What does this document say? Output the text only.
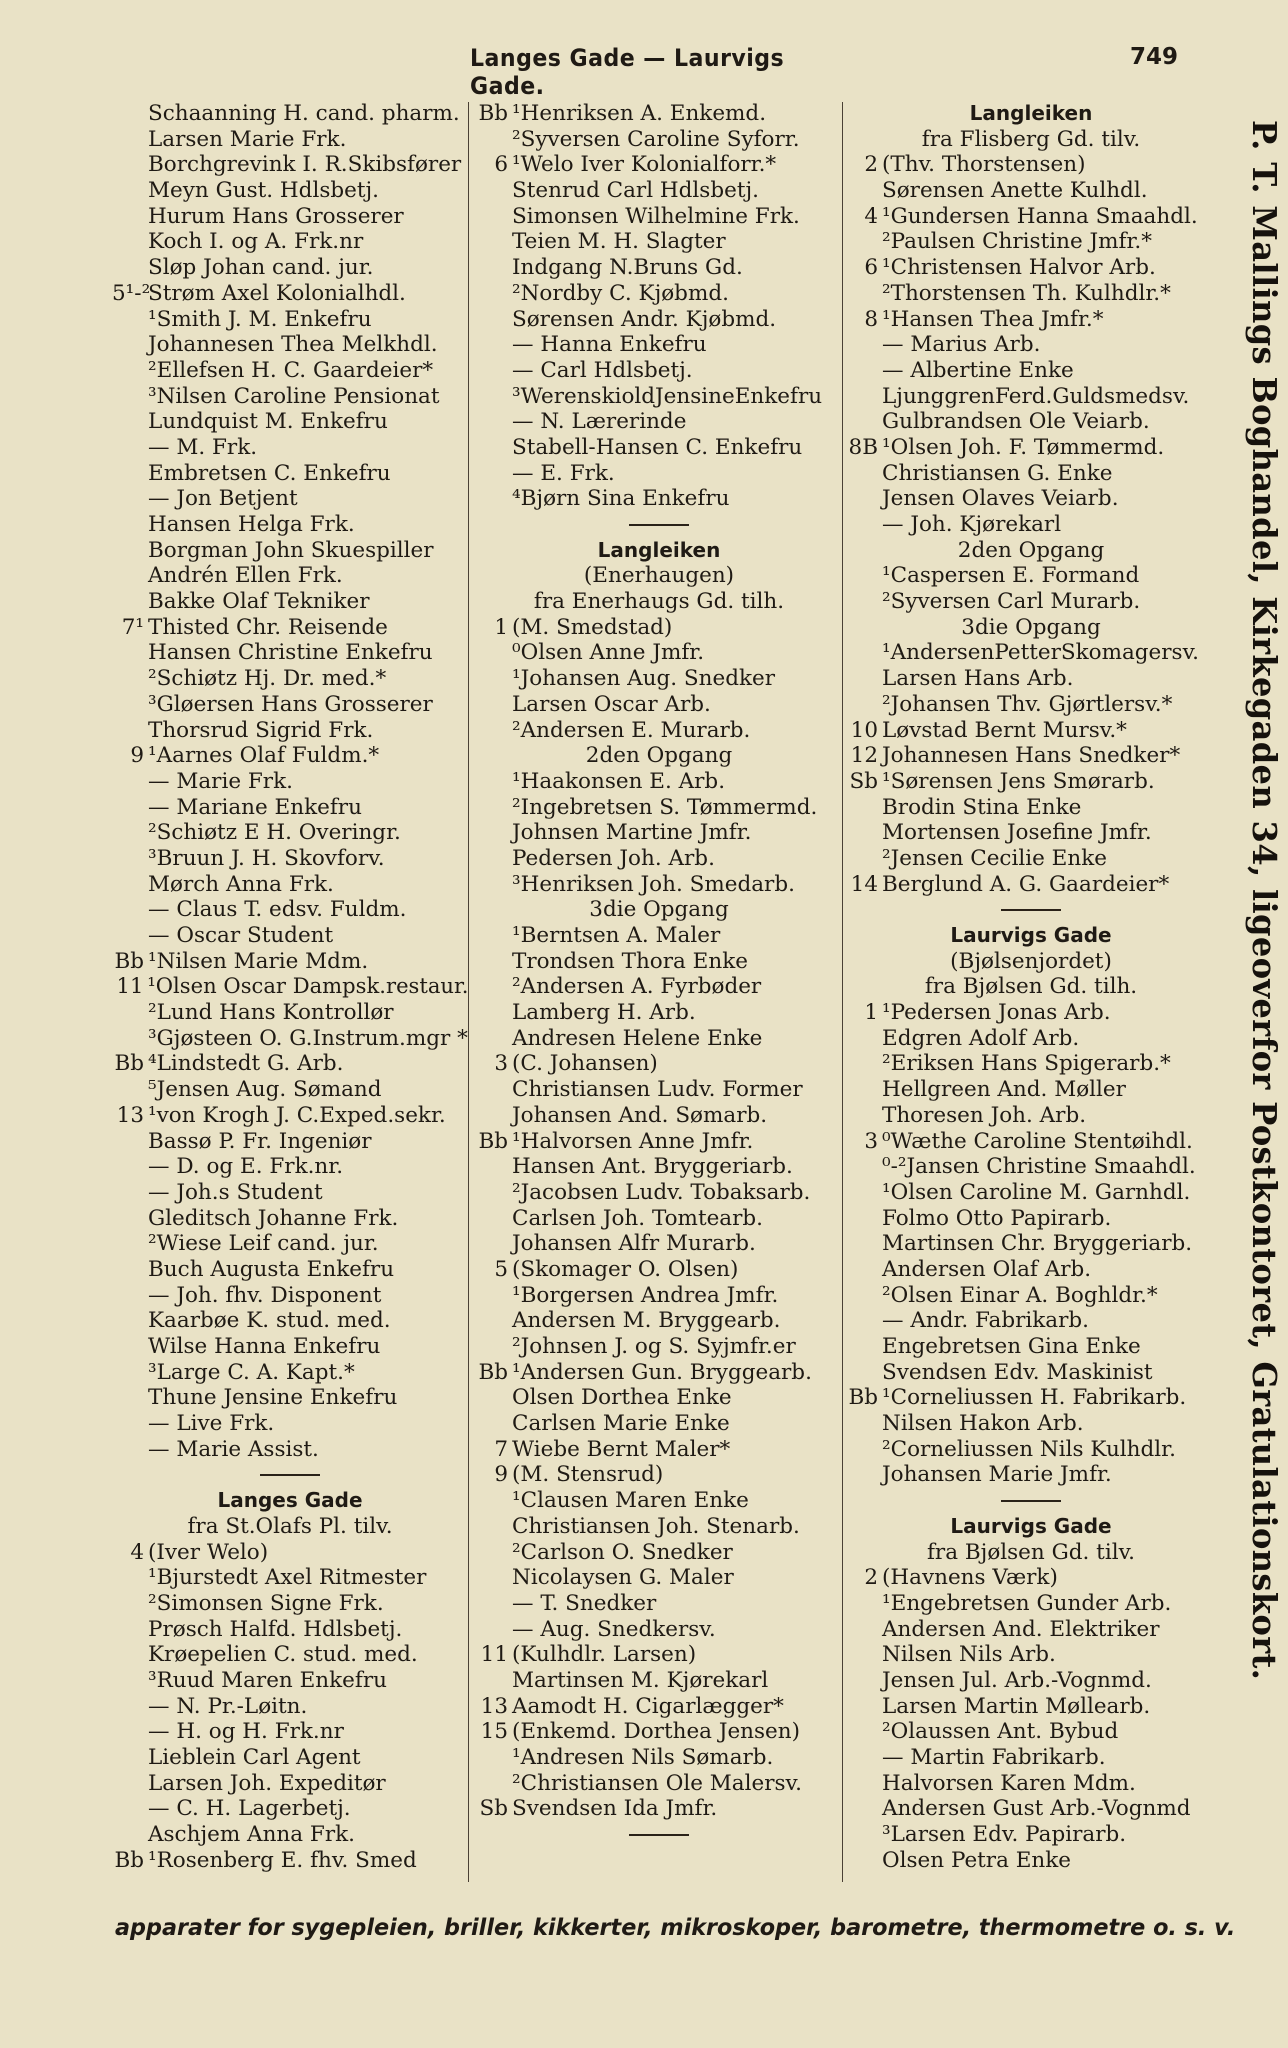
Langes Gade — Laurvigs Gade.
749
Schaanning H. cand. pharm.
Larsen Marie Frk.
Borchgrevink I. R.Skibsfører
Meyn Gust. Hdlsbetj.
Hurum Hans Grosserer
Koch I. og A. Frk.nr
Sløp Johan cand. jur.
5¹-²Strøm Axel Kolonialhdl.
¹Smith J. M. Enkefru
Johannesen Thea Melkhdl.
²Ellefsen H. C. Gaardeier*
³Nilsen Caroline Pensionat
Lundquist M. Enkefru
— M. Frk.
Embretsen C. Enkefru
— Jon Betjent
Hansen Helga Frk.
Borgman John Skuespiller
Andrén Ellen Frk.
Bakke Olaf Tekniker
7¹ Thisted Chr. Reisende
Hansen Christine Enkefru
²Schiøtz Hj. Dr. med.*
³Gløersen Hans Grosserer
Thorsrud Sigrid Frk.
9 ¹Aarnes Olaf Fuldm.*
— Marie Frk.
— Mariane Enkefru
²Schiøtz E H. Overingr.
³Bruun J. H. Skovforv.
Mørch Anna Frk.
— Claus T. edsv. Fuldm.
— Oscar Student
Bb ¹Nilsen Marie Mdm.
11 ¹Olsen Oscar Dampsk.restaur.
²Lund Hans Kontrollør
³Gjøsteen O. G.Instrum.mgr *
Bb ⁴Lindstedt G. Arb.
⁵Jensen Aug. Sømand
13 ¹von Krogh J. C.Exped.sekr.
Bassø P. Fr. Ingeniør
— D. og E. Frk.nr.
— Joh.s Student
Gleditsch Johanne Frk.
²Wiese Leif cand. jur.
Buch Augusta Enkefru
— Joh. fhv. Disponent
Kaarbøe K. stud. med.
Wilse Hanna Enkefru
³Large C. A. Kapt.*
Thune Jensine Enkefru
— Live Frk.
— Marie Assist.
Langes Gade
fra St.Olafs Pl. tilv.
4 (Iver Welo)
¹Bjurstedt Axel Ritmester
²Simonsen Signe Frk.
Prøsch Halfd. Hdlsbetj.
Krøepelien C. stud. med.
³Ruud Maren Enkefru
— N. Pr.-Løitn.
— H. og H. Frk.nr
Lieblein Carl Agent
Larsen Joh. Expeditør
— C. H. Lagerbetj.
Aschjem Anna Frk.
Bb ¹Rosenberg E. fhv. Smed
Bb ¹Henriksen A. Enkemd.
²Syversen Caroline Syforr.
6 ¹Welo Iver Kolonialforr.*
Stenrud Carl Hdlsbetj.
Simonsen Wilhelmine Frk.
Teien M. H. Slagter
Indgang N.Bruns Gd.
²Nordby C. Kjøbmd.
Sørensen Andr. Kjøbmd.
— Hanna Enkefru
— Carl Hdlsbetj.
³WerenskioldJensineEnkefru
— N. Lærerinde
Stabell-Hansen C. Enkefru
— E. Frk.
⁴Bjørn Sina Enkefru
Langleiken
(Enerhaugen)
fra Enerhaugs Gd. tilh.
1 (M. Smedstad)
⁰Olsen Anne Jmfr.
¹Johansen Aug. Snedker
Larsen Oscar Arb.
²Andersen E. Murarb.
2den Opgang
¹Haakonsen E. Arb.
²Ingebretsen S. Tømmermd.
Johnsen Martine Jmfr.
Pedersen Joh. Arb.
³Henriksen Joh. Smedarb.
3die Opgang
¹Berntsen A. Maler
Trondsen Thora Enke
²Andersen A. Fyrbøder
Lamberg H. Arb.
Andresen Helene Enke
3 (C. Johansen)
Christiansen Ludv. Former
Johansen And. Sømarb.
Bb ¹Halvorsen Anne Jmfr.
Hansen Ant. Bryggeriarb.
²Jacobsen Ludv. Tobaksarb.
Carlsen Joh. Tomtearb.
Johansen Alfr Murarb.
5 (Skomager O. Olsen)
¹Borgersen Andrea Jmfr.
Andersen M. Bryggearb.
²Johnsen J. og S. Syjmfr.er
Bb ¹Andersen Gun. Bryggearb.
Olsen Dorthea Enke
Carlsen Marie Enke
7 Wiebe Bernt Maler*
9 (M. Stensrud)
¹Clausen Maren Enke
Christiansen Joh. Stenarb.
²Carlson O. Snedker
Nicolaysen G. Maler
— T. Snedker
— Aug. Snedkersv.
11 (Kulhdlr. Larsen)
Martinsen M. Kjørekarl
13 Aamodt H. Cigarlægger*
15 (Enkemd. Dorthea Jensen)
¹Andresen Nils Sømarb.
²Christiansen Ole Malersv.
Sb Svendsen Ida Jmfr.
Langleiken
fra Flisberg Gd. tilv.
2 (Thv. Thorstensen)
Sørensen Anette Kulhdl.
4 ¹Gundersen Hanna Smaahdl.
²Paulsen Christine Jmfr.*
6 ¹Christensen Halvor Arb.
²Thorstensen Th. Kulhdlr.*
8 ¹Hansen Thea Jmfr.*
— Marius Arb.
— Albertine Enke
LjunggrenFerd.Guldsmedsv.
Gulbrandsen Ole Veiarb.
8B ¹Olsen Joh. F. Tømmermd.
Christiansen G. Enke
Jensen Olaves Veiarb.
— Joh. Kjørekarl
2den Opgang
¹Caspersen E. Formand
²Syversen Carl Murarb.
3die Opgang
¹AndersenPetterSkomagersv.
Larsen Hans Arb.
²Johansen Thv. Gjørtlersv.*
10 Løvstad Bernt Mursv.*
12 Johannesen Hans Snedker*
Sb ¹Sørensen Jens Smørarb.
Brodin Stina Enke
Mortensen Josefine Jmfr.
²Jensen Cecilie Enke
14 Berglund A. G. Gaardeier*
Laurvigs Gade
(Bjølsenjordet)
fra Bjølsen Gd. tilh.
1 ¹Pedersen Jonas Arb.
Edgren Adolf Arb.
²Eriksen Hans Spigerarb.*
Hellgreen And. Møller
Thoresen Joh. Arb.
3 ⁰Wæthe Caroline Stentøihdl.
⁰-²Jansen Christine Smaahdl.
¹Olsen Caroline M. Garnhdl.
Folmo Otto Papirarb.
Martinsen Chr. Bryggeriarb.
Andersen Olaf Arb.
²Olsen Einar A. Boghldr.*
— Andr. Fabrikarb.
Engebretsen Gina Enke
Svendsen Edv. Maskinist
Bb ¹Corneliussen H. Fabrikarb.
Nilsen Hakon Arb.
²Corneliussen Nils Kulhdlr.
Johansen Marie Jmfr.
Laurvigs Gade
fra Bjølsen Gd. tilv.
2 (Havnens Værk)
¹Engebretsen Gunder Arb.
Andersen And. Elektriker
Nilsen Nils Arb.
Jensen Jul. Arb.-Vognmd.
Larsen Martin Møllearb.
²Olaussen Ant. Bybud
— Martin Fabrikarb.
Halvorsen Karen Mdm.
Andersen Gust Arb.-Vognmd
³Larsen Edv. Papirarb.
Olsen Petra Enke
P. T. Mallings Boghandel, Kirkegaden 34, ligeoverfor Postkontoret, Gratulationskort.
apparater for sygepleien, briller, kikkerter, mikroskoper, barometre, thermometre o. s. v.
